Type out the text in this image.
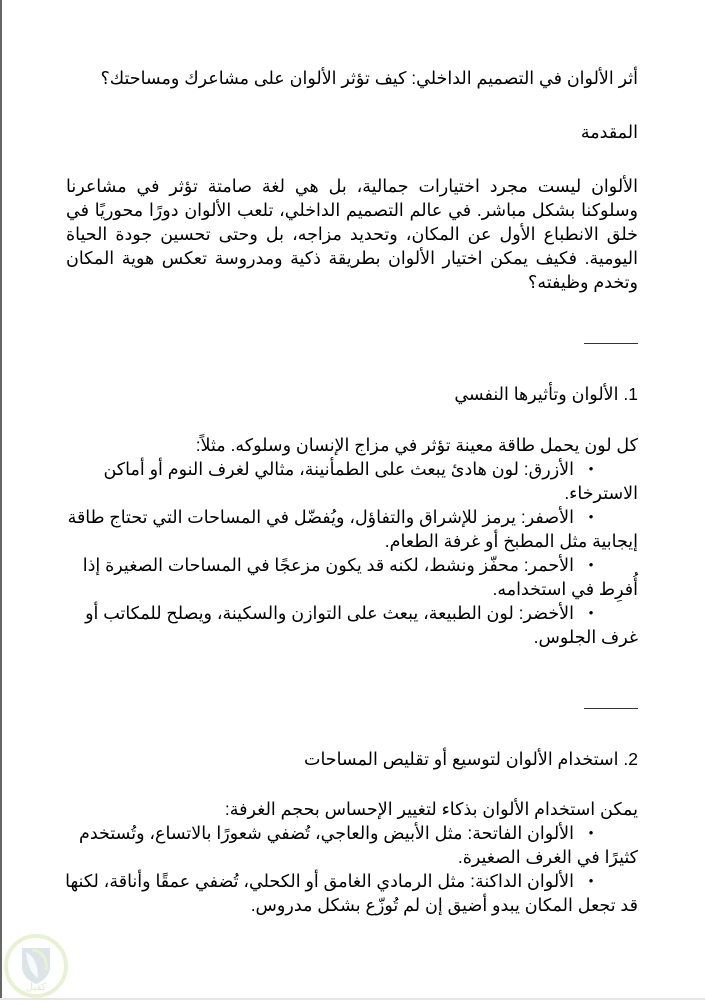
أثر الألوان في التصميم الداخلي: كيف تؤثر الألوان على مشاعرك ومساحتك؟
المقدمة
الألوان ليست مجرد اختيارات جمالية، بل هي لغة صامتة تؤثر في مشاعرنا
وسلوكنا بشكل مباشر. في عالم التصميم الداخلي، تلعب الألوان دورًا محوريًا في
خلق الانطباع الأول عن المكان، وتحديد مزاجه، بل وحتى تحسين جودة الحياة
اليومية. فكيف يمكن اختيار الألوان بطريقة ذكية ومدروسة تعكس هوية المكان
وتخدم وظيفته؟
1. الألوان وتأثيرها النفسي
كل لون يحمل طاقة معينة تؤثر في مزاج الإنسان وسلوكه. مثلاً:
•الأزرق: لون هادئ يبعث على الطمأنينة، مثالي لغرف النوم أو أماكن
الاسترخاء.
•الأصفر: يرمز للإشراق والتفاؤل، ويُفضّل في المساحات التي تحتاج طاقة
إيجابية مثل المطبخ أو غرفة الطعام.
•الأحمر: محفّز ونشط، لكنه قد يكون مزعجًا في المساحات الصغيرة إذا
أُفرِط في استخدامه.
•الأخضر: لون الطبيعة، يبعث على التوازن والسكينة، ويصلح للمكاتب أو
غرف الجلوس.
2. استخدام الألوان لتوسيع أو تقليص المساحات
يمكن استخدام الألوان بذكاء لتغيير الإحساس بحجم الغرفة:
•الألوان الفاتحة: مثل الأبيض والعاجي، تُضفي شعورًا بالاتساع، وتُستخدم
كثيرًا في الغرف الصغيرة.
•الألوان الداكنة: مثل الرمادي الغامق أو الكحلي، تُضفي عمقًا وأناقة، لكنها
قد تجعل المكان يبدو أضيق إن لم تُوزّع بشكل مدروس.
كفيل
